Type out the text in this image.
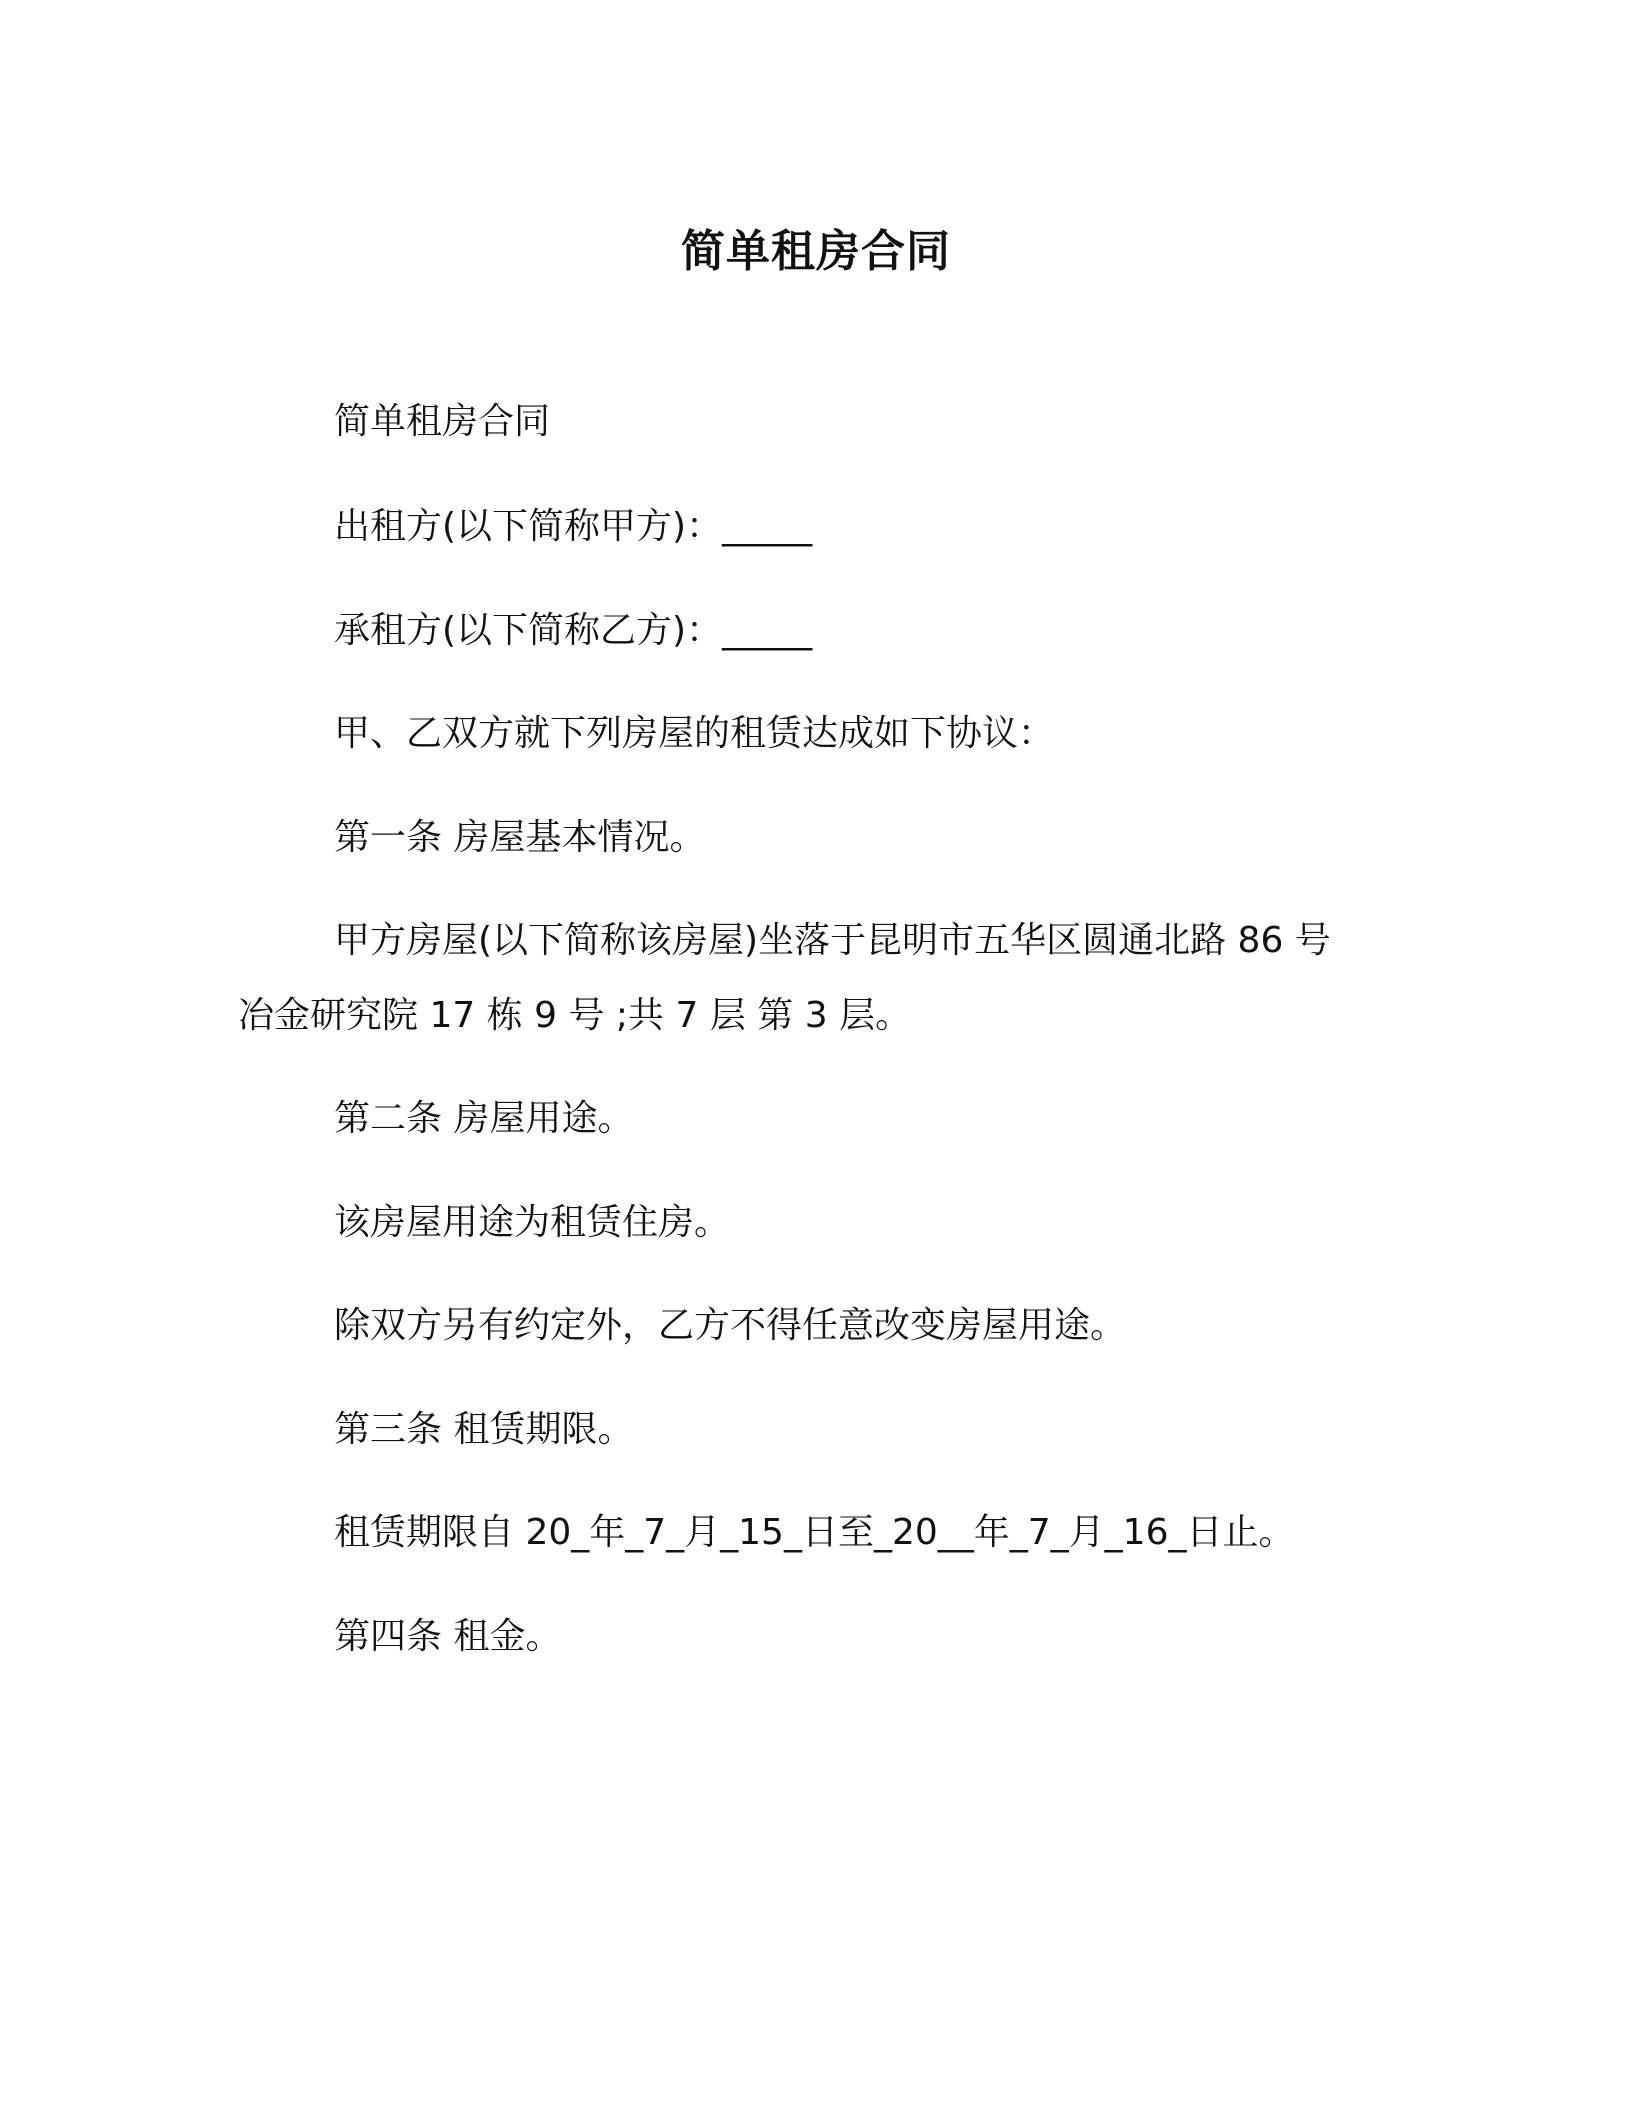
简单租房合同
简单租房合同
出租方(以下简称甲方)：_____
承租方(以下简称乙方)：_____
甲、乙双方就下列房屋的租赁达成如下协议：
第一条 房屋基本情况。
甲方房屋(以下简称该房屋)坐落于昆明市五华区圆通北路 86 号
冶金研究院 17 栋 9 号 ;共 7 层 第 3 层。
第二条 房屋用途。
该房屋用途为租赁住房。
除双方另有约定外，乙方不得任意改变房屋用途。
第三条 租赁期限。
租赁期限自 20_年_7_月_15_日至_20__年_7_月_16_日止。
第四条 租金。
